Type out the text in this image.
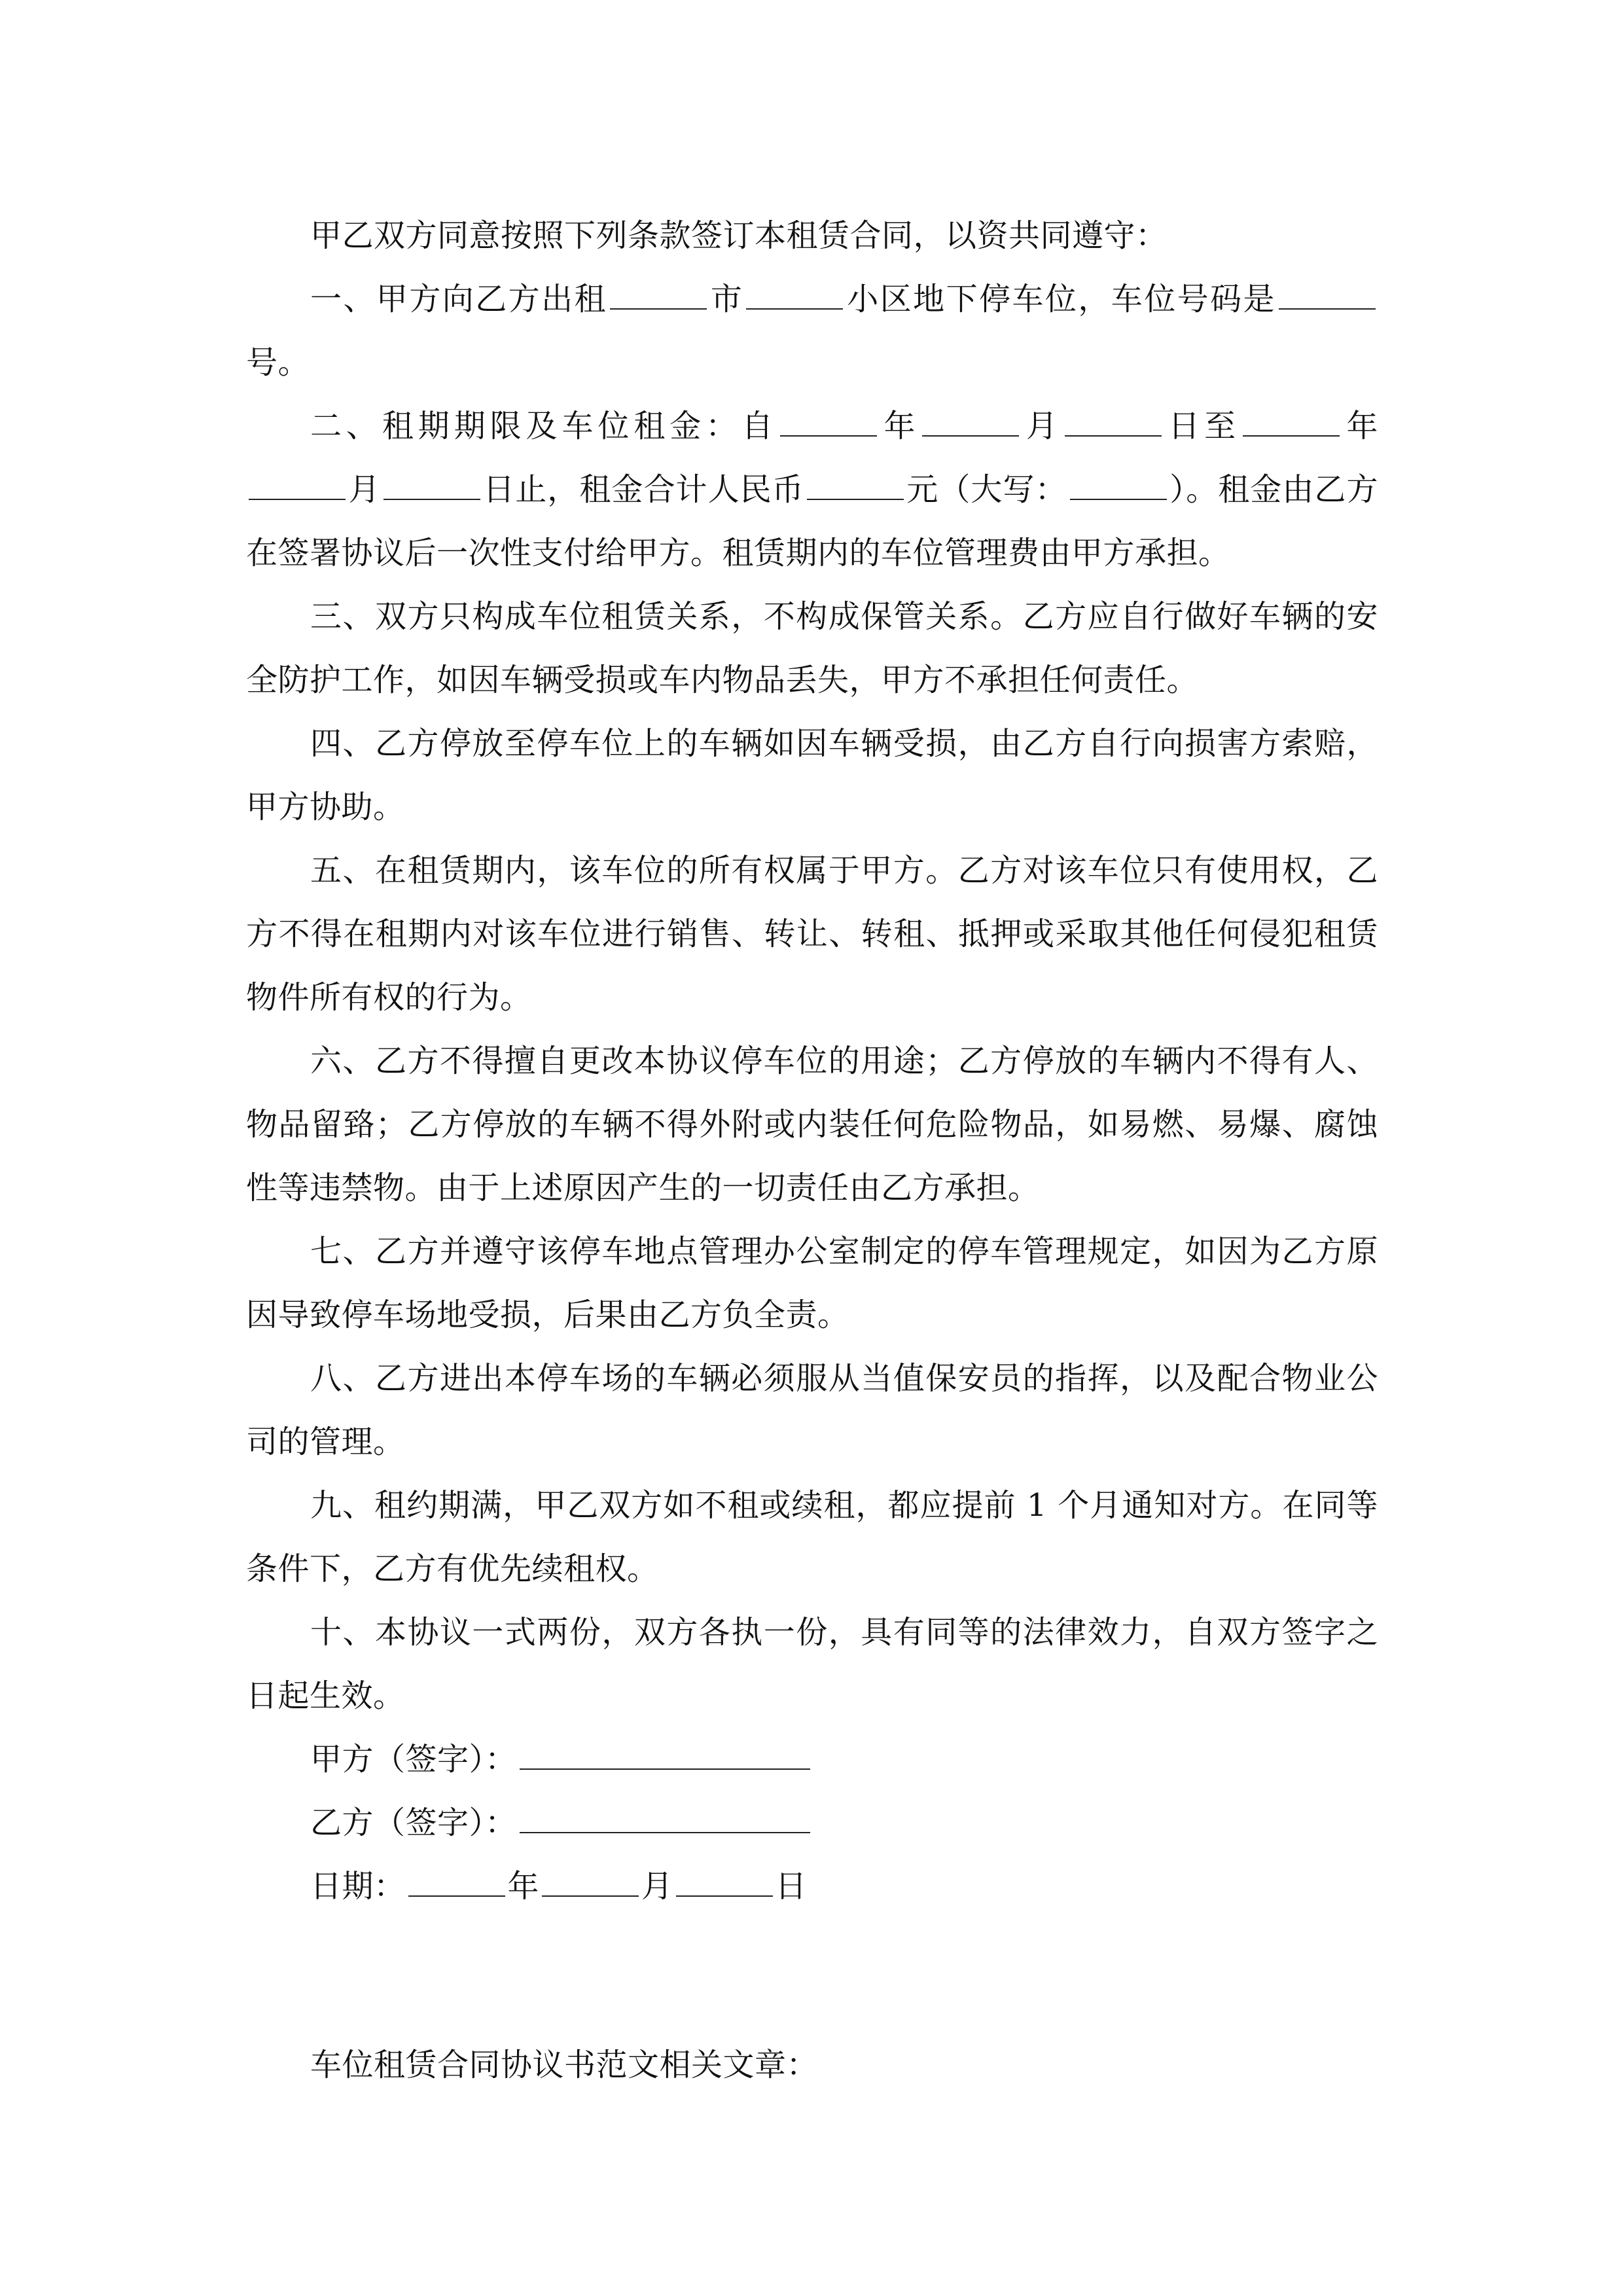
甲乙双方同意按照下列条款签订本租赁合同，以资共同遵守：

一、甲方向乙方出租	市	小区地下停车位，车位号码是号。

二、租期期限及车位租金：自	年	月	日至	年月	日止，租金合计人民币	元（大写：	）。租金由乙方在签署协议后一次性支付给甲方。租赁期内的车位管理费由甲方承担。

三、双方只构成车位租赁关系，不构成保管关系。乙方应自行做好车辆的安全防护工作，如因车辆受损或车内物品丢失，甲方不承担任何责任。

四、乙方停放至停车位上的车辆如因车辆受损，由乙方自行向损害方索赔，甲方协助。

五、在租赁期内，该车位的所有权属于甲方。乙方对该车位只有使用权，乙方不得在租期内对该车位进行销售、转让、转租、抵押或采取其他任何侵犯租赁物件所有权的行为。

六、乙方不得擅自更改本协议停车位的用途；乙方停放的车辆内不得有人、物品留臵；乙方停放的车辆不得外附或内装任何危险物品，如易燃、易爆、腐蚀性等违禁物。由于上述原因产生的一切责任由乙方承担。

七、乙方并遵守该停车地点管理办公室制定的停车管理规定，如因为乙方原因导致停车场地受损，后果由乙方负全责。

八、乙方进出本停车场的车辆必须服从当值保安员的指挥，以及配合物业公司的管理。

九、租约期满，甲乙双方如不租或续租，都应提前 1 个月通知对方。在同等条件下，乙方有优先续租权。

十、本协议一式两份，双方各执一份，具有同等的法律效力，自双方签字之日起生效。

甲方（签字）：

乙方（签字）：

日期：	年	月	日

车位租赁合同协议书范文相关文章：
